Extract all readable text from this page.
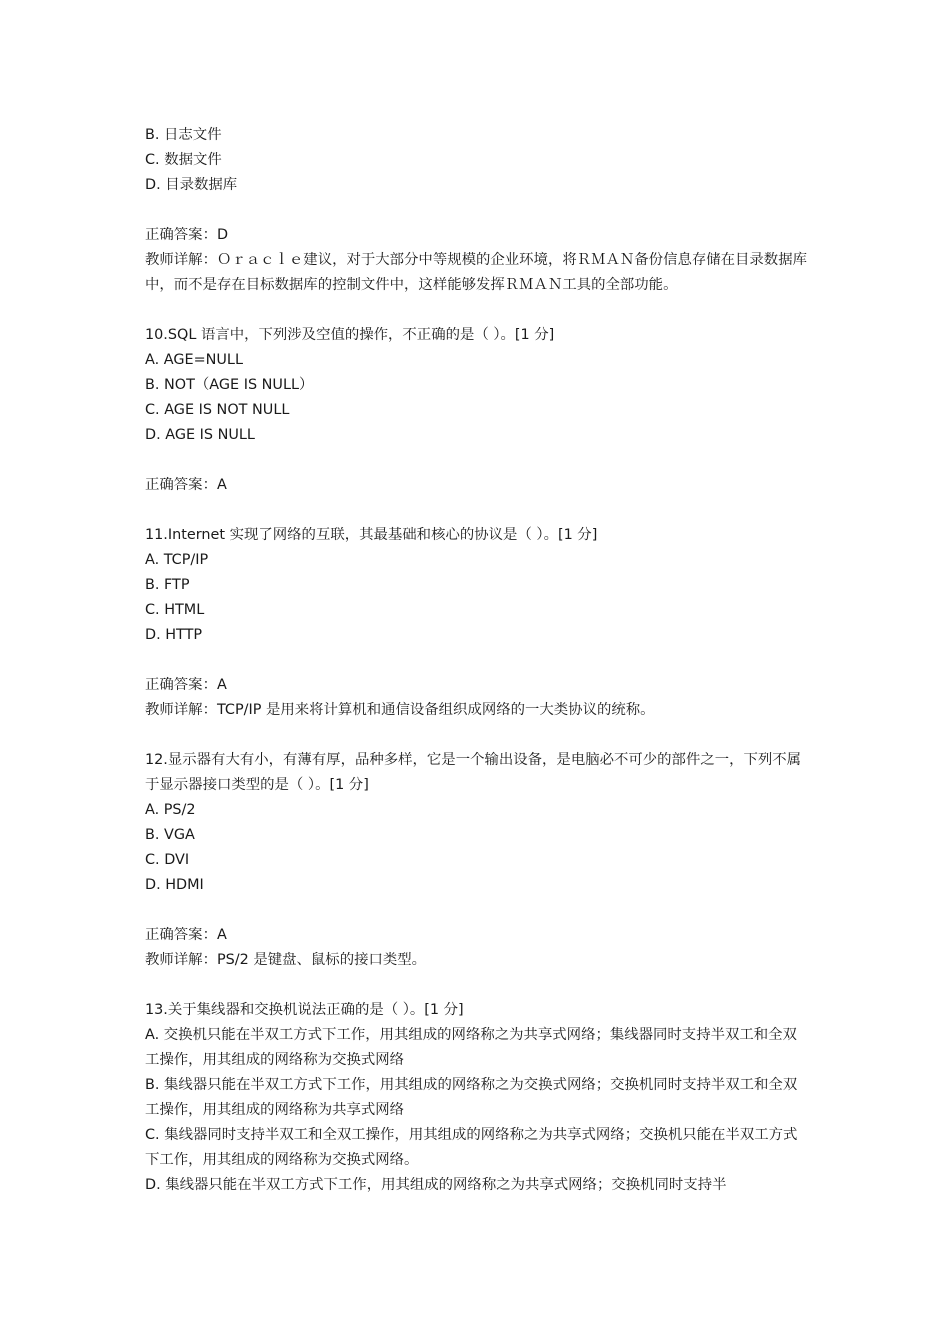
B. 日志文件
C. 数据文件
D. 目录数据库
正确答案：D
教师详解：Ｏｒａｃｌｅ建议，对于大部分中等规模的企业环境，将ＲＭＡＮ备份信息存储在目录数据库中，而不是存在目标数据库的控制文件中，这样能够发挥ＲＭＡＮ工具的全部功能。
10.SQL 语言中，下列涉及空值的操作，不正确的是（ ）。[1 分]
A. AGE=NULL
B. NOT（AGE IS NULL）
C. AGE IS NOT NULL
D. AGE IS NULL
正确答案：A
11.Internet 实现了网络的互联，其最基础和核心的协议是（ ）。[1 分]
A. TCP/IP
B. FTP
C. HTML
D. HTTP
正确答案：A
教师详解：TCP/IP 是用来将计算机和通信设备组织成网络的一大类协议的统称。
12.显示器有大有小，有薄有厚，品种多样，它是一个输出设备，是电脑必不可少的部件之一，下列不属于显示器接口类型的是（ ）。[1 分]
A. PS/2
B. VGA
C. DVI
D. HDMI
正确答案：A
教师详解：PS/2 是键盘、鼠标的接口类型。
13.关于集线器和交换机说法正确的是（ ）。[1 分]
A. 交换机只能在半双工方式下工作，用其组成的网络称之为共享式网络；集线器同时支持半双工和全双工操作，用其组成的网络称为交换式网络
B. 集线器只能在半双工方式下工作，用其组成的网络称之为交换式网络；交换机同时支持半双工和全双工操作，用其组成的网络称为共享式网络
C. 集线器同时支持半双工和全双工操作，用其组成的网络称之为共享式网络；交换机只能在半双工方式下工作，用其组成的网络称为交换式网络。
D. 集线器只能在半双工方式下工作，用其组成的网络称之为共享式网络；交换机同时支持半
